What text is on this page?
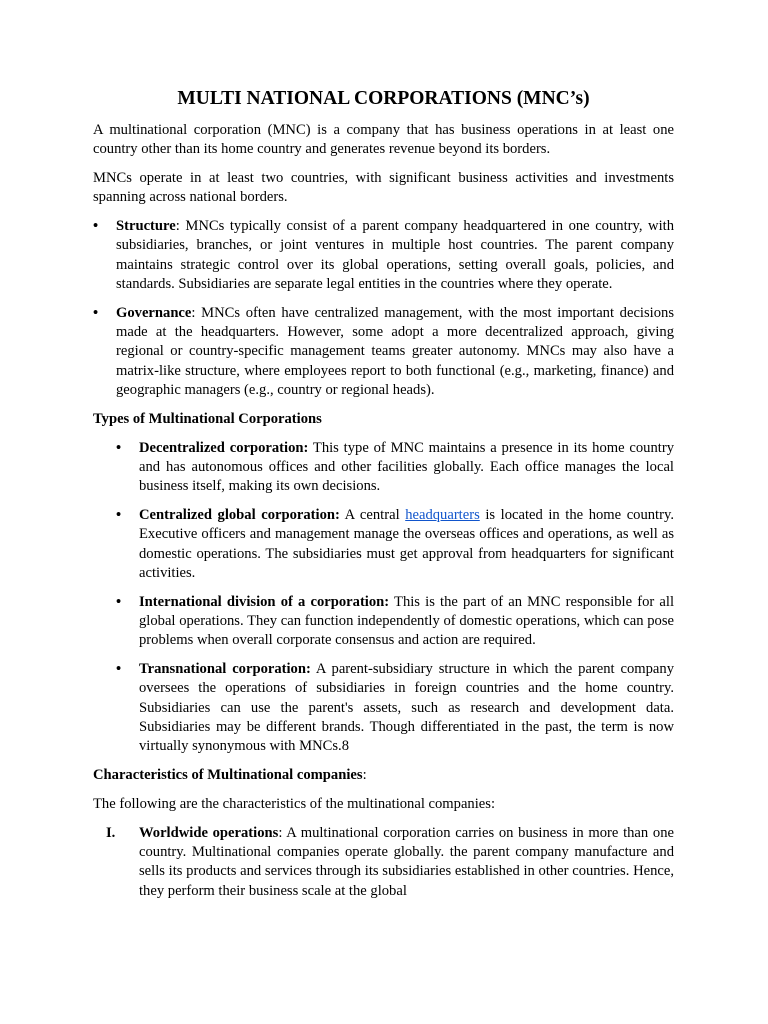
MULTI NATIONAL CORPORATIONS (MNC’s)

A multinational corporation (MNC) is a company that has business operations in at least one country other than its home country and generates revenue beyond its borders.

MNCs operate in at least two countries, with significant business activities and investments spanning across national borders.

• Structure: MNCs typically consist of a parent company headquartered in one country, with subsidiaries, branches, or joint ventures in multiple host countries. The parent company maintains strategic control over its global operations, setting overall goals, policies, and standards. Subsidiaries are separate legal entities in the countries where they operate.
• Governance: MNCs often have centralized management, with the most important decisions made at the headquarters. However, some adopt a more decentralized approach, giving regional or country-specific management teams greater autonomy. MNCs may also have a matrix-like structure, where employees report to both functional (e.g., marketing, finance) and geographic managers (e.g., country or regional heads).

Types of Multinational Corporations

• Decentralized corporation: This type of MNC maintains a presence in its home country and has autonomous offices and other facilities globally. Each office manages the local business itself, making its own decisions.
• Centralized global corporation: A central headquarters is located in the home country. Executive officers and management manage the overseas offices and operations, as well as domestic operations. The subsidiaries must get approval from headquarters for significant activities.
• International division of a corporation: This is the part of an MNC responsible for all global operations. They can function independently of domestic operations, which can pose problems when overall corporate consensus and action are required.
• Transnational corporation: A parent-subsidiary structure in which the parent company oversees the operations of subsidiaries in foreign countries and the home country. Subsidiaries can use the parent's assets, such as research and development data. Subsidiaries may be different brands. Though differentiated in the past, the term is now virtually synonymous with MNCs.8

Characteristics of Multinational companies:

The following are the characteristics of the multinational companies:

I. Worldwide operations: A multinational corporation carries on business in more than one country. Multinational companies operate globally. the parent company manufacture and sells its products and services through its subsidiaries established in other countries. Hence, they perform their business scale at the global
